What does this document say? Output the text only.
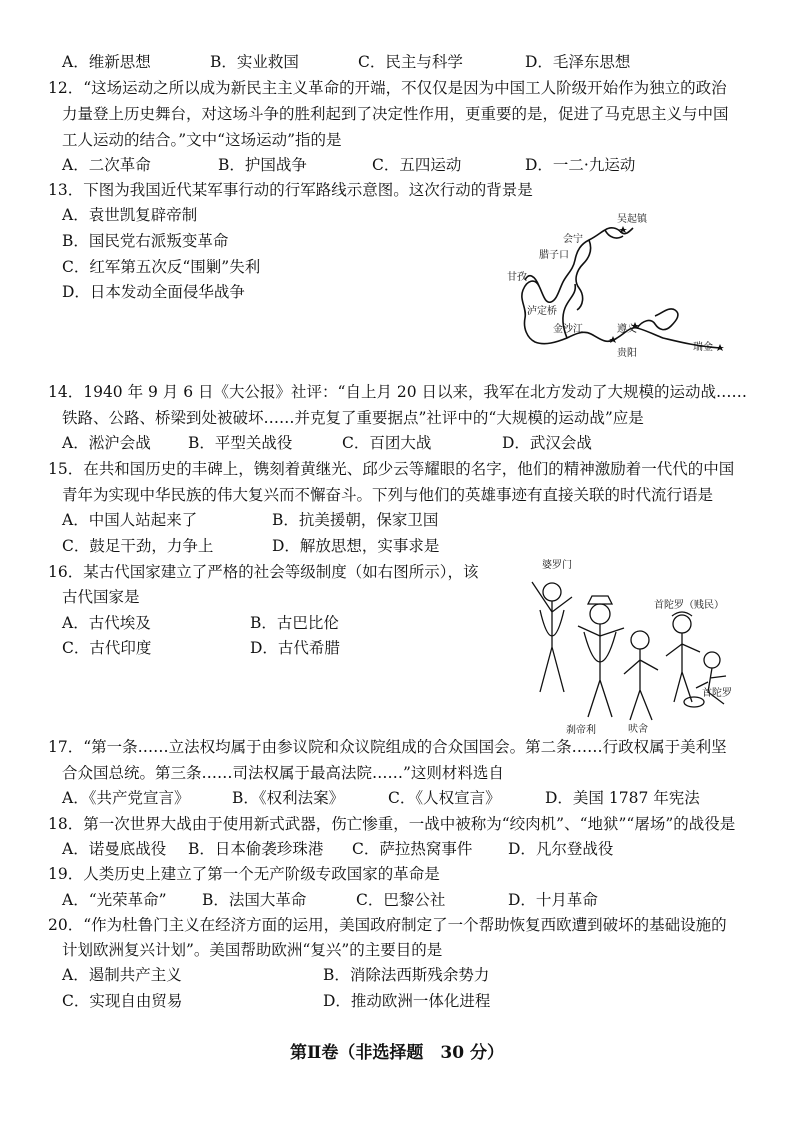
A．维新思想	B．实业救国	C．民主与科学	D．毛泽东思想
12．“这场运动之所以成为新民主主义革命的开端，不仅仅是因为中国工人阶级开始作为独立的政治
力量登上历史舞台，对这场斗争的胜利起到了决定性作用，更重要的是，促进了马克思主义与中国
工人运动的结合。”文中“这场运动”指的是
A．二次革命	B．护国战争	C．五四运动	D．一二·九运动
13．下图为我国近代某军事行动的行军路线示意图。这次行动的背景是
A．袁世凯复辟帝制
B．国民党右派叛变革命
C．红军第五次反“围剿”失利
D．日本发动全面侵华战争
吴起镇
会宁
腊子口
甘孜
泸定桥
金沙江	遵义
贵阳
瑞金
14．1940 年 9 月 6 日《大公报》社评：“自上月 20 日以来，我军在北方发动了大规模的运动战……
铁路、公路、桥梁到处被破坏……并克复了重要据点”社评中的“大规模的运动战”应是
A．淞沪会战 B．平型关战役	C．百团大战	D．武汉会战
15．在共和国历史的丰碑上，镌刻着黄继光、邱少云等耀眼的名字，他们的精神激励着一代代的中国
青年为实现中华民族的伟大复兴而不懈奋斗。下列与他们的英雄事迹有直接关联的时代流行语是
A．中国人站起来了	B．抗美援朝，保家卫国
C．鼓足干劲，力争上	D．解放思想，实事求是
16．某古代国家建立了严格的社会等级制度（如右图所示），该
古代国家是
A．古代埃及	B．古巴比伦
C．古代印度	D．古代希腊
婆罗门
首陀罗（贱民）
首陀罗
刹帝利	吠舍
17．“第一条……立法权均属于由参议院和众议院组成的合众国国会。第二条……行政权属于美利坚
合众国总统。第三条……司法权属于最高法院……”这则材料选自
A．《共产党宣言》	B．《权利法案》	C．《人权宣言》	D．美国 1787 年宪法
18．第一次世界大战由于使用新式武器，伤亡惨重，一战中被称为“绞肉机”、“地狱”“屠场”的战役是
A．诺曼底战役 B．日本偷袭珍珠港 C．萨拉热窝事件 D．凡尔登战役
19．人类历史上建立了第一个无产阶级专政国家的革命是
A．“光荣革命” B．法国大革命	C．巴黎公社	D．十月革命
20．“作为杜鲁门主义在经济方面的运用，美国政府制定了一个帮助恢复西欧遭到破坏的基础设施的
计划欧洲复兴计划”。美国帮助欧洲“复兴”的主要目的是
A．遏制共产主义	B．消除法西斯残余势力
C．实现自由贸易	D．推动欧洲一体化进程
第Ⅱ卷（非选择题　30 分）
